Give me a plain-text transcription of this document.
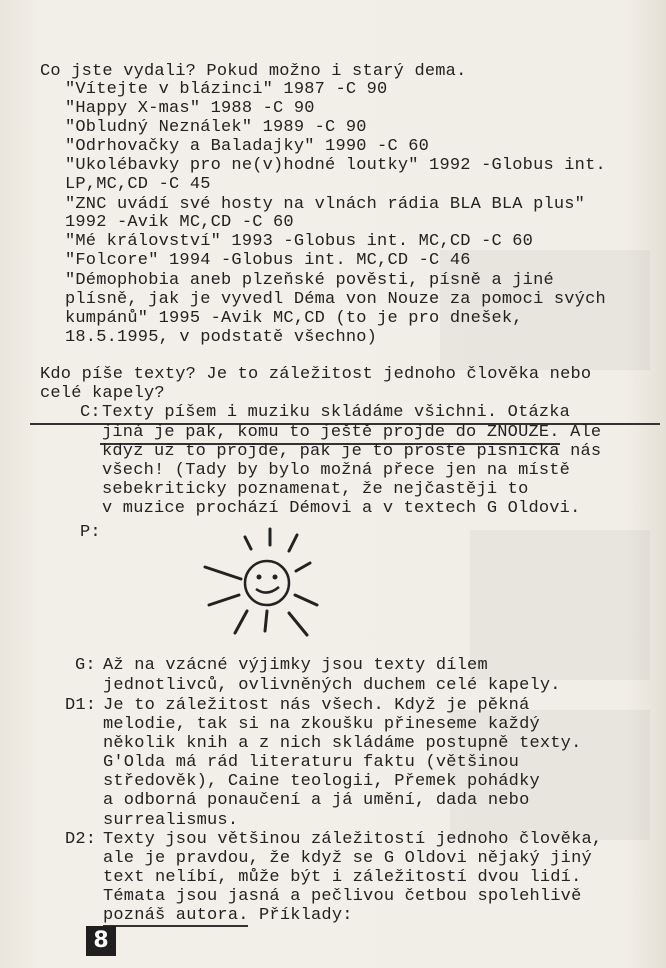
Co jste vydali? Pokud možno i starý dema.
"Vítejte v blázinci" 1987 -C 90
"Happy X-mas" 1988 -C 90
"Obludný Neználek" 1989 -C 90
"Odrhovačky a Baladajky" 1990 -C 60
"Ukolébavky pro ne(v)hodné loutky" 1992 -Globus int.
LP,MC,CD -C 45
"ZNC uvádí své hosty na vlnách rádia BLA BLA plus"
1992 -Avik MC,CD -C 60
"Mé království" 1993 -Globus int. MC,CD -C 60
"Folcore" 1994 -Globus int. MC,CD -C 46
"Démophobia aneb plzeňské pověsti, písně a jiné
plísně, jak je vyvedl Déma von Nouze za pomoci svých
kumpánů" 1995 -Avik MC,CD (to je pro dnešek,
18.5.1995, v podstatě všechno)
Kdo píše texty? Je to záležitost jednoho člověka nebo
celé kapely?
C: Texty píšem i muziku skládáme všichni. Otázka
jiná je pak, komu to ještě projde do ZNOUZE. Ale
když už to projde, pak je to prostě písnička nás
všech! (Tady by bylo možná přece jen na místě
sebekriticky poznamenat, že nejčastěji to
v muzice prochází Démovi a v textech G Oldovi.
P:
G: Až na vzácné výjimky jsou texty dílem
jednotlivců, ovlivněných duchem celé kapely.
D1: Je to záležitost nás všech. Když je pěkná
melodie, tak si na zkoušku přineseme každý
několik knih a z nich skládáme postupně texty.
G'Olda má rád literaturu faktu (většinou
středověk), Caine teologii, Přemek pohádky
a odborná ponaučení a já umění, dada nebo
surrealismus.
D2: Texty jsou většinou záležitostí jednoho člověka,
ale je pravdou, že když se G Oldovi nějaký jiný
text nelíbí, může být i záležitostí dvou lidí.
Témata jsou jasná a pečlivou četbou spolehlivě
poznáš autora. Příklady:
8
